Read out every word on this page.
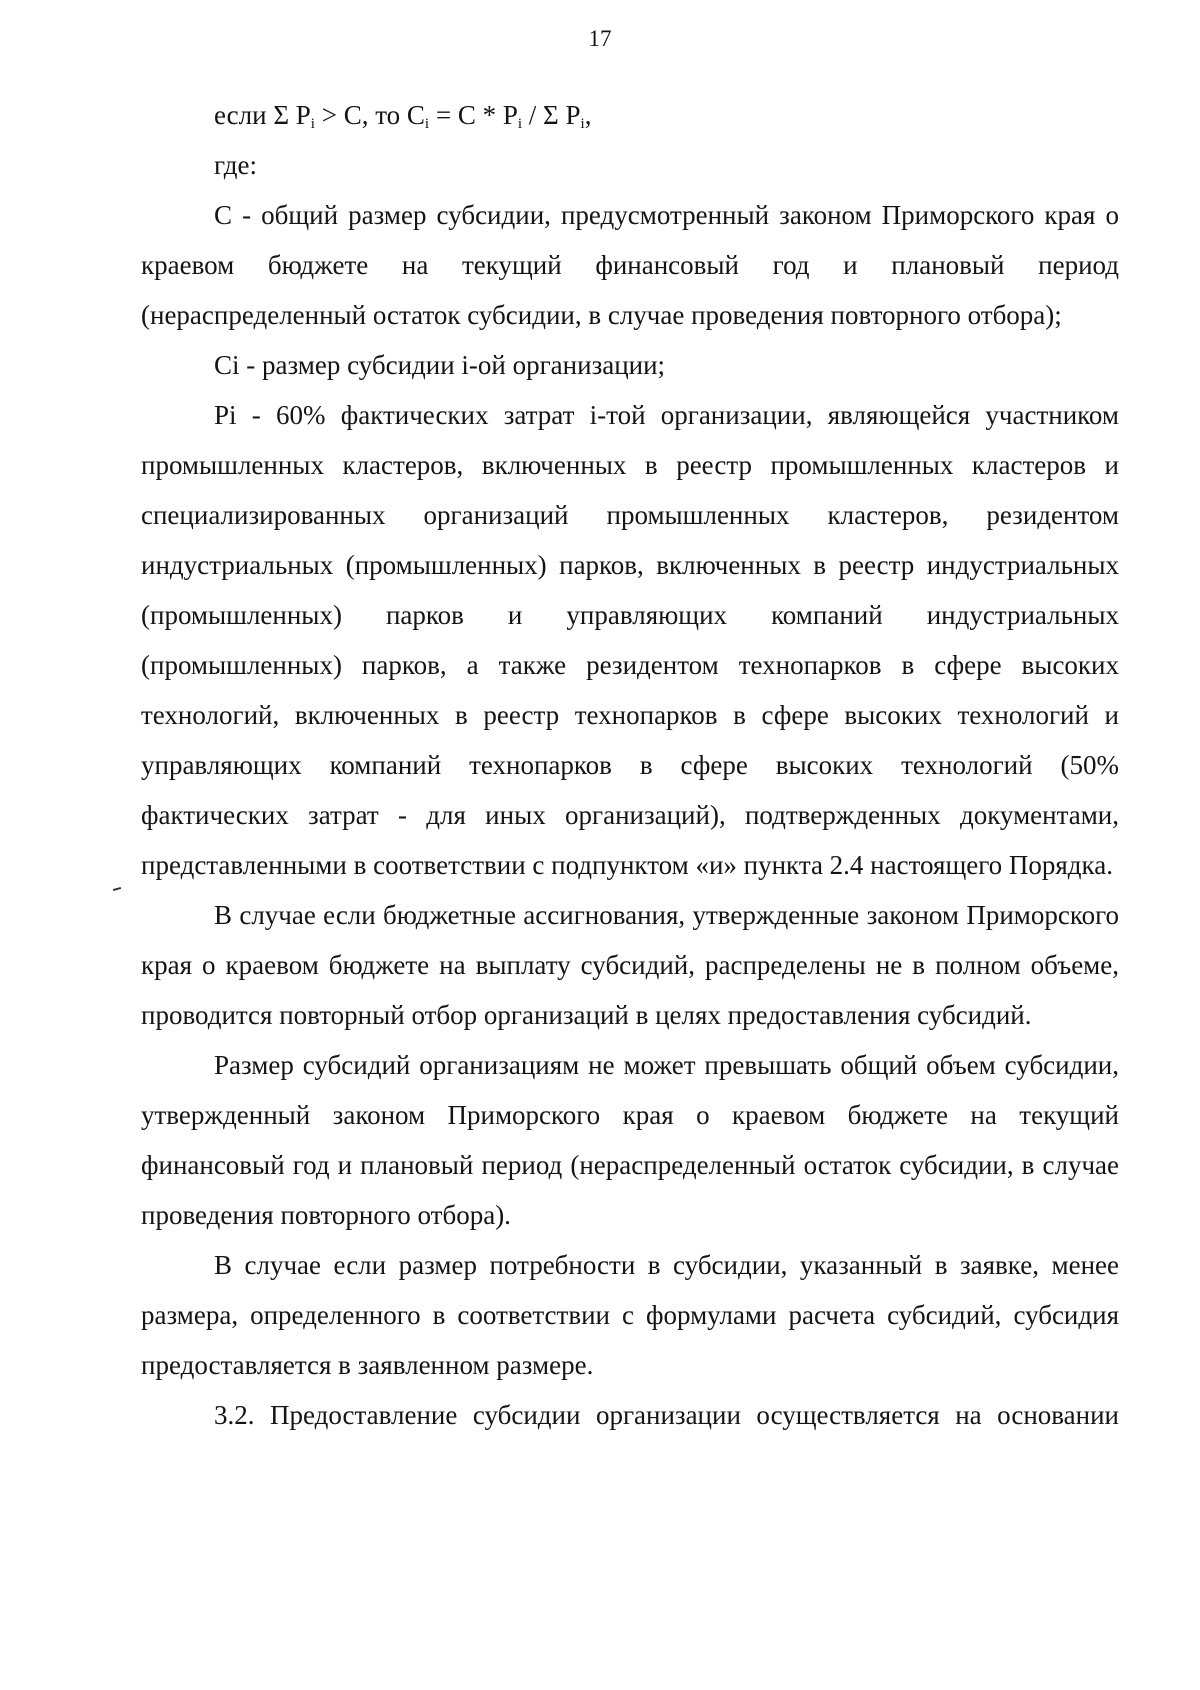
17

если Σ $P_i > C$, то $C_i = C * P_i / \Sigma$ $P_i$,

где:

C - общий размер субсидии, предусмотренный законом Приморского края о краевом бюджете на текущий финансовый год и плановый период (нераспределенный остаток субсидии, в случае проведения повторного отбора);

Ci - размер субсидии i-ой организации;

Pi - 60% фактических затрат i-той организации, являющейся участником промышленных кластеров, включенных в реестр промышленных кластеров и специализированных организаций промышленных кластеров, резидентом индустриальных (промышленных) парков, включенных в реестр индустриальных (промышленных) парков и управляющих компаний индустриальных (промышленных) парков, а также резидентом технопарков в сфере высоких технологий, включенных в реестр технопарков в сфере высоких технологий и управляющих компаний технопарков в сфере высоких технологий (50% фактических затрат - для иных организаций), подтвержденных документами, представленными в соответствии с подпунктом «и» пункта 2.4 настоящего Порядка.

В случае если бюджетные ассигнования, утвержденные законом Приморского края о краевом бюджете на выплату субсидий, распределены не в полном объеме, проводится повторный отбор организаций в целях предоставления субсидий.

Размер субсидий организациям не может превышать общий объем субсидии, утвержденный законом Приморского края о краевом бюджете на текущий финансовый год и плановый период (нераспределенный остаток субсидии, в случае проведения повторного отбора).

В случае если размер потребности в субсидии, указанный в заявке, менее размера, определенного в соответствии с формулами расчета субсидий, субсидия предоставляется в заявленном размере.

3.2. Предоставление субсидии организации осуществляется на основании
